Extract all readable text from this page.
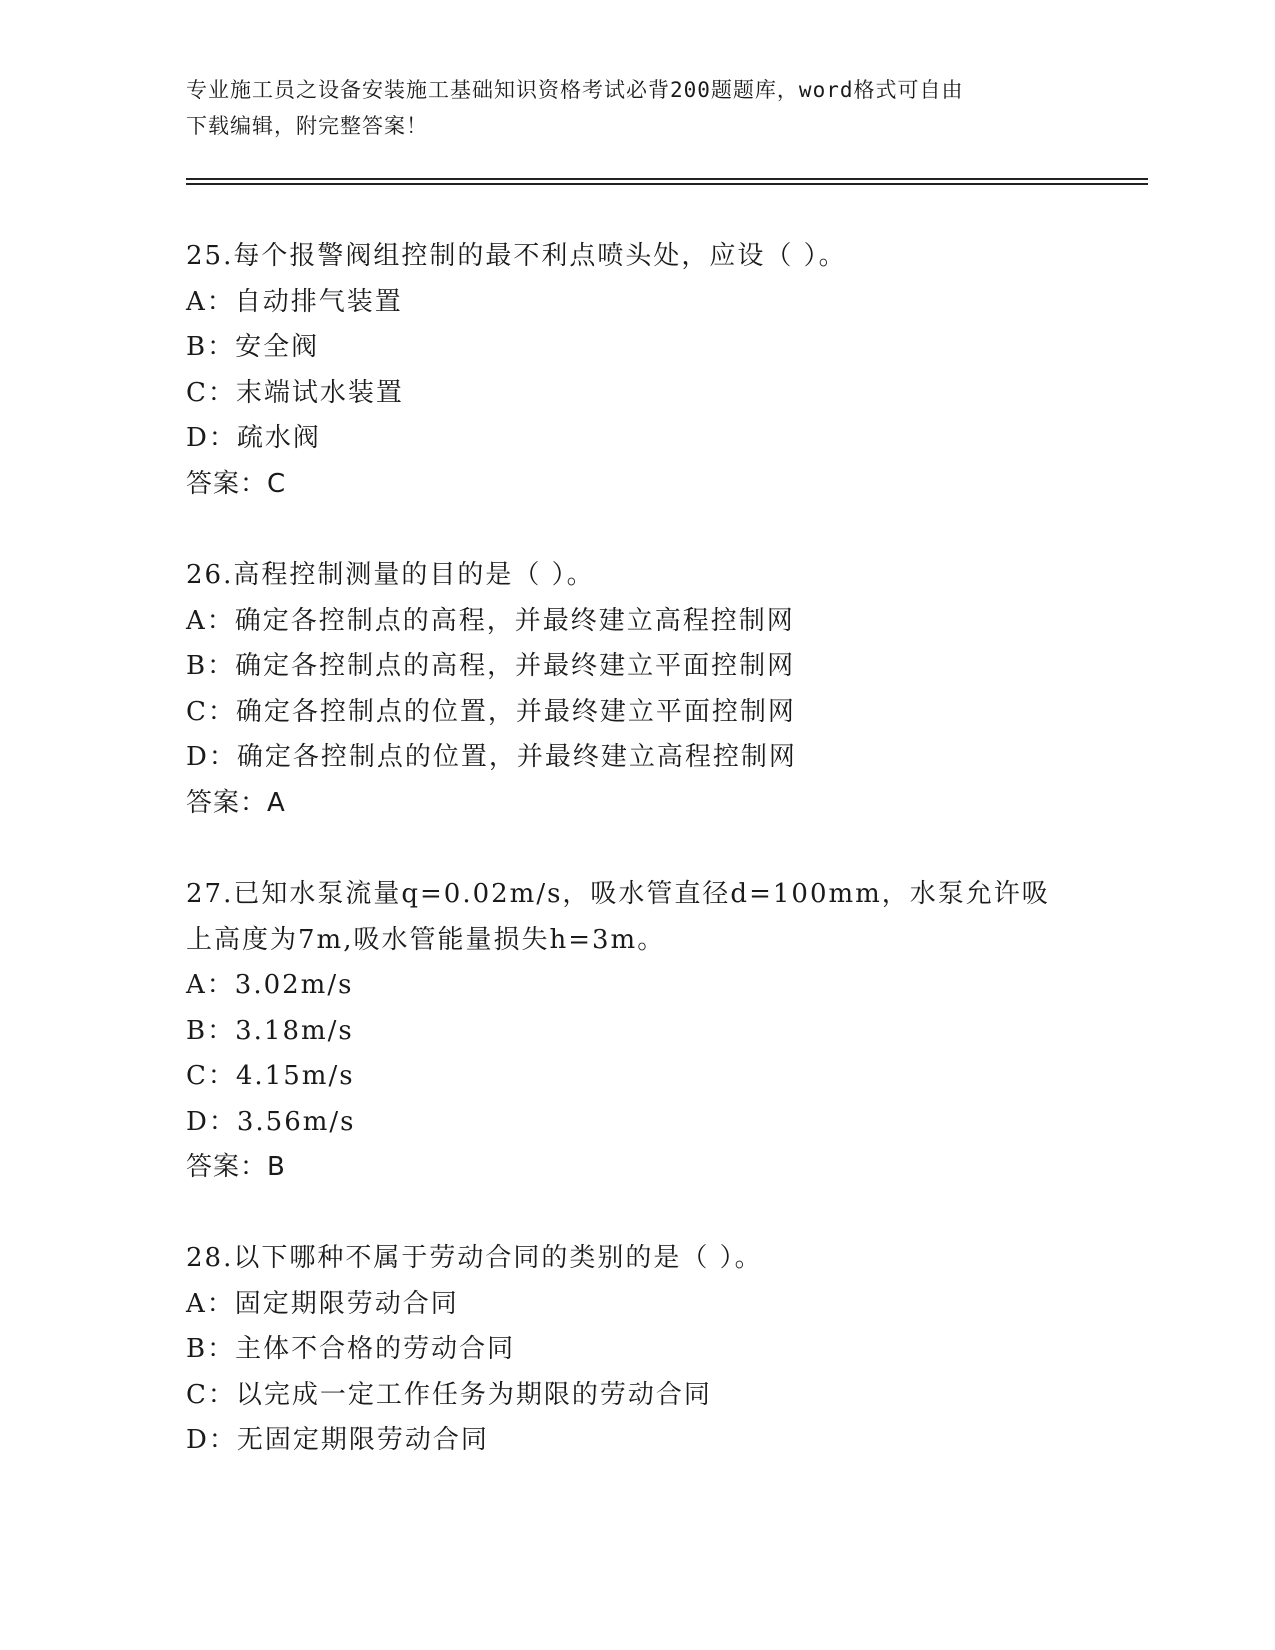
专业施工员之设备安装施工基础知识资格考试必背200题题库，word格式可自由
下载编辑，附完整答案！
25.每个报警阀组控制的最不利点喷头处，应设（ ）。
A：自动排气装置
B：安全阀
C：末端试水装置
D：疏水阀
答案：C
26.高程控制测量的目的是（ ）。
A：确定各控制点的高程，并最终建立高程控制网
B：确定各控制点的高程，并最终建立平面控制网
C：确定各控制点的位置，并最终建立平面控制网
D：确定各控制点的位置，并最终建立高程控制网
答案：A
27.已知水泵流量q=0.02m/s，吸水管直径d=100mm，水泵允许吸上高度为7m,吸水管能量损失h=3m。
A：3.02m/s
B：3.18m/s
C：4.15m/s
D：3.56m/s
答案：B
28.以下哪种不属于劳动合同的类别的是（ ）。
A：固定期限劳动合同
B：主体不合格的劳动合同
C：以完成一定工作任务为期限的劳动合同
D：无固定期限劳动合同
